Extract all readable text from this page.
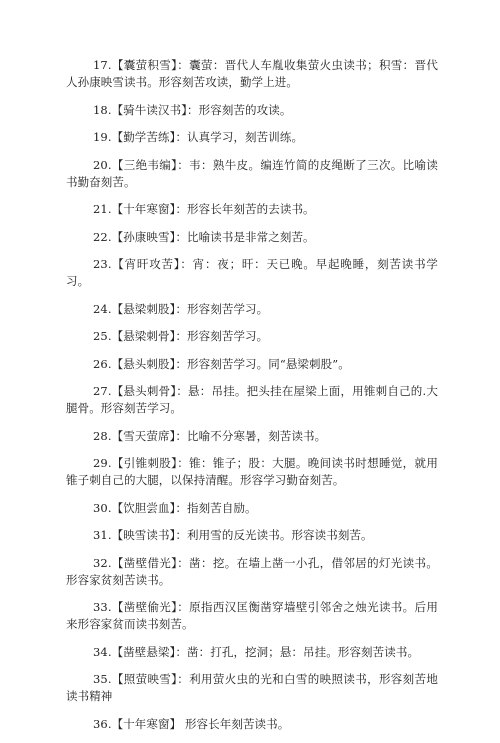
17.【囊萤积雪】：囊萤：晋代人车胤收集萤火虫读书；积雪：晋代人孙康映雪读书。形容刻苦攻读，勤学上进。
18.【骑牛读汉书】：形容刻苦的攻读。
19.【勤学苦练】：认真学习，刻苦训练。
20.【三绝韦编】：韦：熟牛皮。编连竹简的皮绳断了三次。比喻读书勤奋刻苦。
21.【十年寒窗】：形容长年刻苦的去读书。
22.【孙康映雪】：比喻读书是非常之刻苦。
23.【宵旰攻苦】：宵：夜；旰：天已晚。早起晚睡，刻苦读书学习。
24.【悬梁刺股】：形容刻苦学习。
25.【悬梁刺骨】：形容刻苦学习。
26.【悬头刺股】：形容刻苦学习。同“悬梁刺股”。
27.【悬头刺骨】：悬：吊挂。把头挂在屋梁上面，用锥刺自己的.大腿骨。形容刻苦学习。
28.【雪天萤席】：比喻不分寒暑，刻苦读书。
29.【引锥刺股】：锥：锥子；股：大腿。晚间读书时想睡觉，就用锥子刺自己的大腿，以保持清醒。形容学习勤奋刻苦。
30.【饮胆尝血】：指刻苦自励。
31.【映雪读书】：利用雪的反光读书。形容读书刻苦。
32.【凿壁借光】：凿：挖。在墙上凿一小孔，借邻居的灯光读书。形容家贫刻苦读书。
33.【凿壁偷光】：原指西汉匡衡凿穿墙壁引邻舍之烛光读书。后用来形容家贫而读书刻苦。
34.【凿壁悬梁】：凿：打孔，挖洞；悬：吊挂。形容刻苦读书。
35.【照萤映雪】：利用萤火虫的光和白雪的映照读书，形容刻苦地读书精神
36.【十年寒窗】 形容长年刻苦读书。
